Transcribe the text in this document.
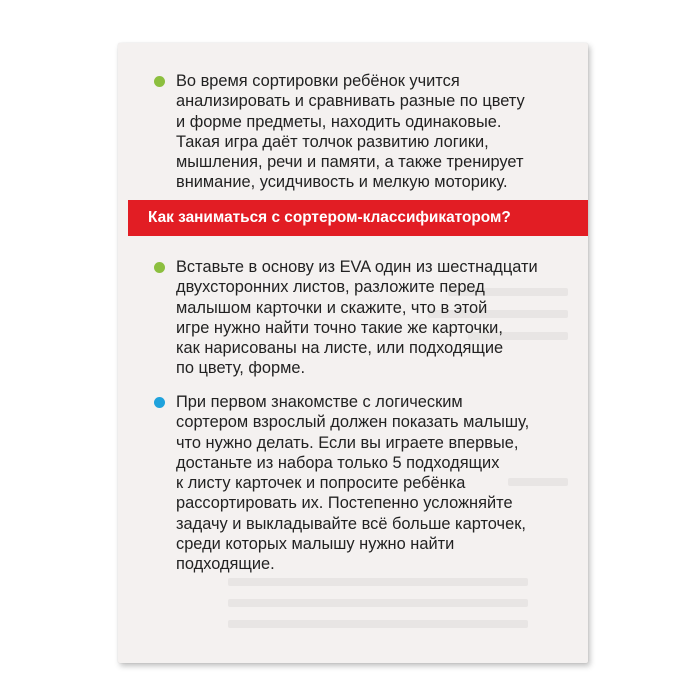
Во время сортировки ребёнок учится
анализировать и сравнивать разные по цвету
и форме предметы, находить одинаковые.
Такая игра даёт толчок развитию логики,
мышления, речи и памяти, а также тренирует
внимание, усидчивость и мелкую моторику.
Как заниматься с сортером-классификатором?
Вставьте в основу из EVA один из шестнадцати
двухсторонних листов, разложите перед
малышом карточки и скажите, что в этой
игре нужно найти точно такие же карточки,
как нарисованы на листе, или подходящие
по цвету, форме.
При первом знакомстве с логическим
сортером взрослый должен показать малышу,
что нужно делать. Если вы играете впервые,
достаньте из набора только 5 подходящих
к листу карточек и попросите ребёнка
рассортировать их. Постепенно усложняйте
задачу и выкладывайте всё больше карточек,
среди которых малышу нужно найти
подходящие.
